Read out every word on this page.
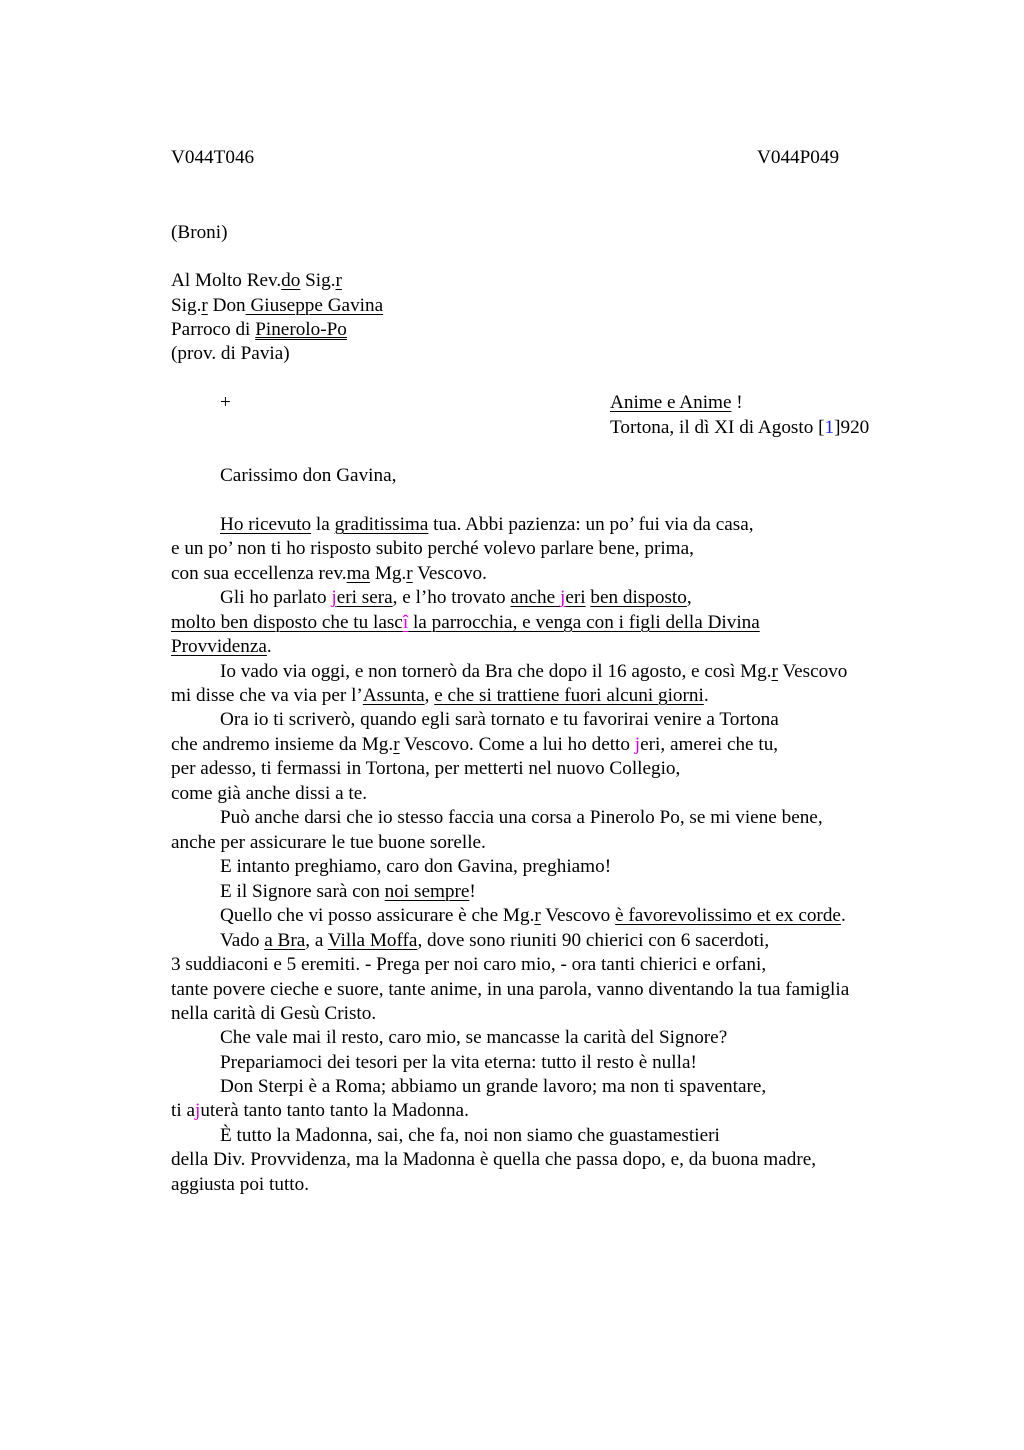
V044T046	V044P049
(Broni)
Al Molto Rev.do Sig.r
Sig.r Don Giuseppe Gavina
Parroco di Pinerolo-Po
(prov. di Pavia)
+	Anime e Anime !
Tortona, il dì XI di Agosto [1]920
Carissimo don Gavina,
Ho ricevuto la graditissima tua. Abbi pazienza: un po’ fui via da casa,
e un po’ non ti ho risposto subito perché volevo parlare bene, prima,
con sua eccellenza rev.ma Mg.r Vescovo.
Gli ho parlato jeri sera, e l’ho trovato anche jeri ben disposto,
molto ben disposto che tu lascî la parrocchia, e venga con i figli della Divina
Provvidenza.
Io vado via oggi, e non tornerò da Bra che dopo il 16 agosto, e così Mg.r Vescovo
mi disse che va via per l’Assunta, e che si trattiene fuori alcuni giorni.
Ora io ti scriverò, quando egli sarà tornato e tu favorirai venire a Tortona
che andremo insieme da Mg.r Vescovo. Come a lui ho detto jeri, amerei che tu,
per adesso, ti fermassi in Tortona, per metterti nel nuovo Collegio,
come già anche dissi a te.
Può anche darsi che io stesso faccia una corsa a Pinerolo Po, se mi viene bene,
anche per assicurare le tue buone sorelle.
E intanto preghiamo, caro don Gavina, preghiamo!
E il Signore sarà con noi sempre!
Quello che vi posso assicurare è che Mg.r Vescovo è favorevolissimo et ex corde.
Vado a Bra, a Villa Moffa, dove sono riuniti 90 chierici con 6 sacerdoti,
3 suddiaconi e 5 eremiti. - Prega per noi caro mio, - ora tanti chierici e orfani,
tante povere cieche e suore, tante anime, in una parola, vanno diventando la tua famiglia
nella carità di Gesù Cristo.
Che vale mai il resto, caro mio, se mancasse la carità del Signore?
Prepariamoci dei tesori per la vita eterna: tutto il resto è nulla!
Don Sterpi è a Roma; abbiamo un grande lavoro; ma non ti spaventare,
ti ajuterà tanto tanto tanto la Madonna.
È tutto la Madonna, sai, che fa, noi non siamo che guastamestieri
della Div. Provvidenza, ma la Madonna è quella che passa dopo, e, da buona madre,
aggiusta poi tutto.
